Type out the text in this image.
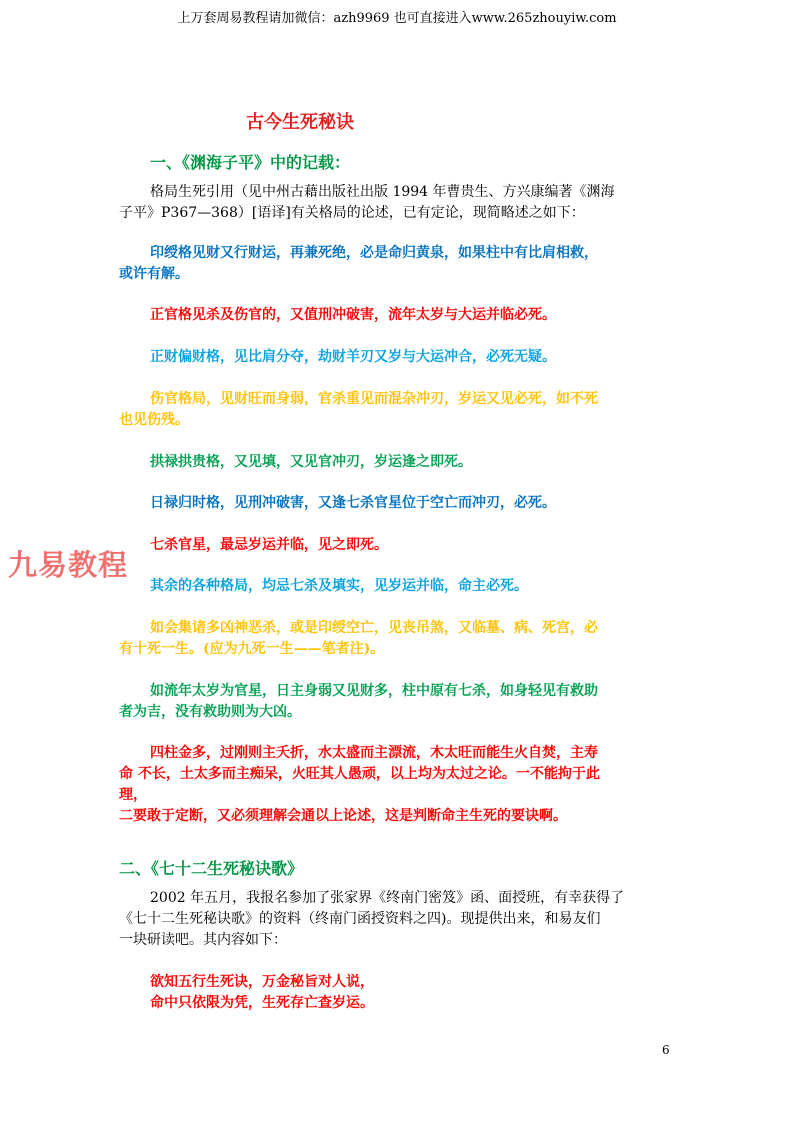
上万套周易教程请加微信：azh9969 也可直接进入www.265zhouyiw.com
古今生死秘诀
一、《渊海子平》中的记载：
格局生死引用（见中州古藉出版社出版 1994 年曹贵生、方兴康编著《渊海
子平》P367—368）[语译]有关格局的论述，已有定论，现简略述之如下：
印绶格见财又行财运，再兼死绝，必是命归黄泉，如果柱中有比肩相救，
或许有解。
正官格见杀及伤官的，又值刑冲破害，流年太岁与大运并临必死。
正财偏财格，见比肩分夺，劫财羊刃又岁与大运冲合，必死无疑。
伤官格局，见财旺而身弱，官杀重见而混杂冲刃，岁运又见必死，如不死
也见伤残。
拱禄拱贵格，又见填，又见官冲刃，岁运逢之即死。
日禄归时格，见刑冲破害，又逢七杀官星位于空亡而冲刃，必死。
七杀官星，最忌岁运并临，见之即死。
其余的各种格局，均忌七杀及填实，见岁运并临，命主必死。
如会集诸多凶神恶杀，或是印绶空亡，见丧吊煞，又临墓、病、死宫，必
有十死一生。(应为九死一生——笔者注)。
如流年太岁为官星，日主身弱又见财多，柱中原有七杀，如身轻见有救助
者为吉，没有救助则为大凶。
四柱金多，过刚则主夭折，水太盛而主漂流，木太旺而能生火自焚，主寿
命 不长，土太多而主痴呆，火旺其人愚顽，以上均为太过之论。一不能拘于此
理，
二要敢于定断，又必须理解会通以上论述，这是判断命主生死的要诀啊。
九易教程
二、《七十二生死秘诀歌》
2002 年五月，我报名参加了张家界《终南门密笈》函、面授班，有幸获得了
《七十二生死秘诀歌》的资料（终南门函授资料之四)。现提供出来，和易友们
一块研读吧。其内容如下：
欲知五行生死诀，万金秘旨对人说，
命中只依限为凭，生死存亡查岁运。
6
